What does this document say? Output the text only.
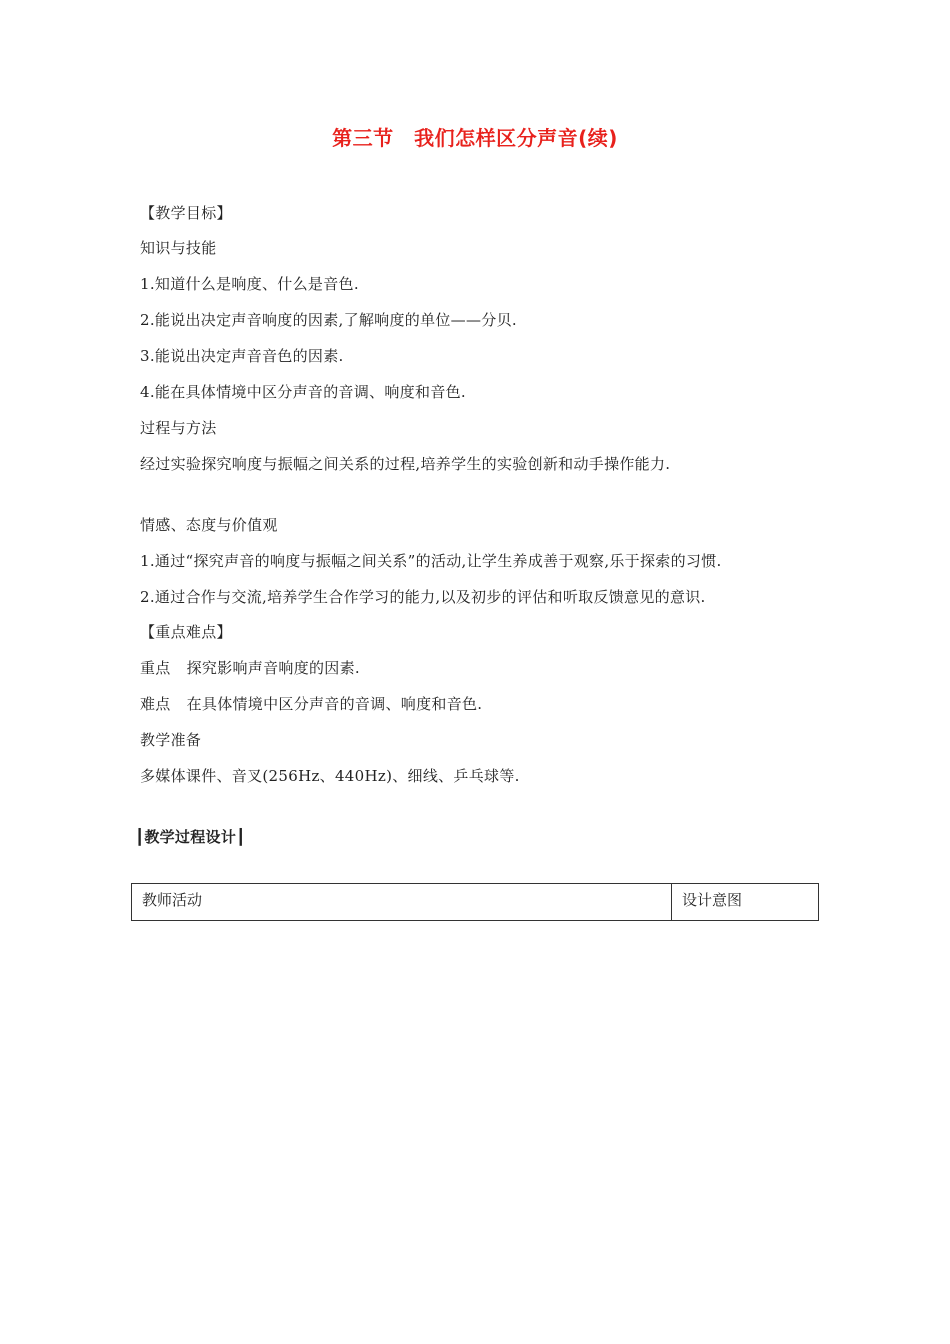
第三节　我们怎样区分声音(续)
【教学目标】
知识与技能
1.知道什么是响度、什么是音色.
2.能说出决定声音响度的因素,了解响度的单位——分贝.
3.能说出决定声音音色的因素.
4.能在具体情境中区分声音的音调、响度和音色.
过程与方法
经过实验探究响度与振幅之间关系的过程,培养学生的实验创新和动手操作能力.
情感、态度与价值观
1.通过“探究声音的响度与振幅之间关系”的活动,让学生养成善于观察,乐于探索的习惯.
2.通过合作与交流,培养学生合作学习的能力,以及初步的评估和听取反馈意见的意识.
【重点难点】
重点 探究影响声音响度的因素.
难点 在具体情境中区分声音的音调、响度和音色.
教学准备
多媒体课件、音叉(256Hz、440Hz)、细线、乒乓球等.
┃教学过程设计┃
教师活动	设计意图
